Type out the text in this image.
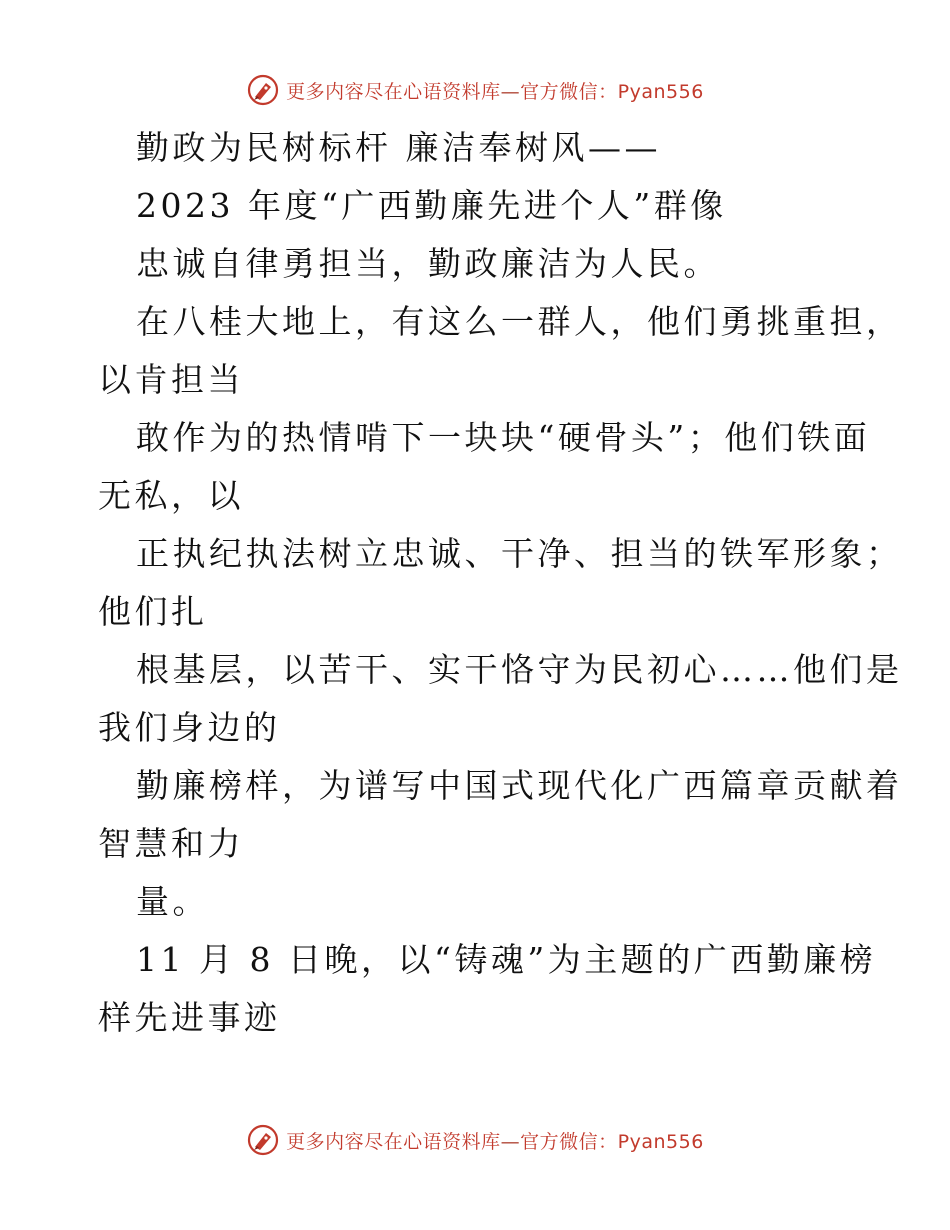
更多内容尽在心语资料库—官方微信：Pyan556
勤政为民树标杆 廉洁奉树风——
2023 年度“广西勤廉先进个人”群像
忠诚自律勇担当，勤政廉洁为人民。
在八桂大地上，有这么一群人，他们勇挑重担，
以肯担当
敢作为的热情啃下一块块“硬骨头”；他们铁面
无私，以
正执纪执法树立忠诚、干净、担当的铁军形象；
他们扎
根基层，以苦干、实干恪守为民初心……他们是
我们身边的
勤廉榜样，为谱写中国式现代化广西篇章贡献着
智慧和力
量。
11 月 8 日晚，以“铸魂”为主题的广西勤廉榜
样先进事迹
更多内容尽在心语资料库—官方微信：Pyan556
